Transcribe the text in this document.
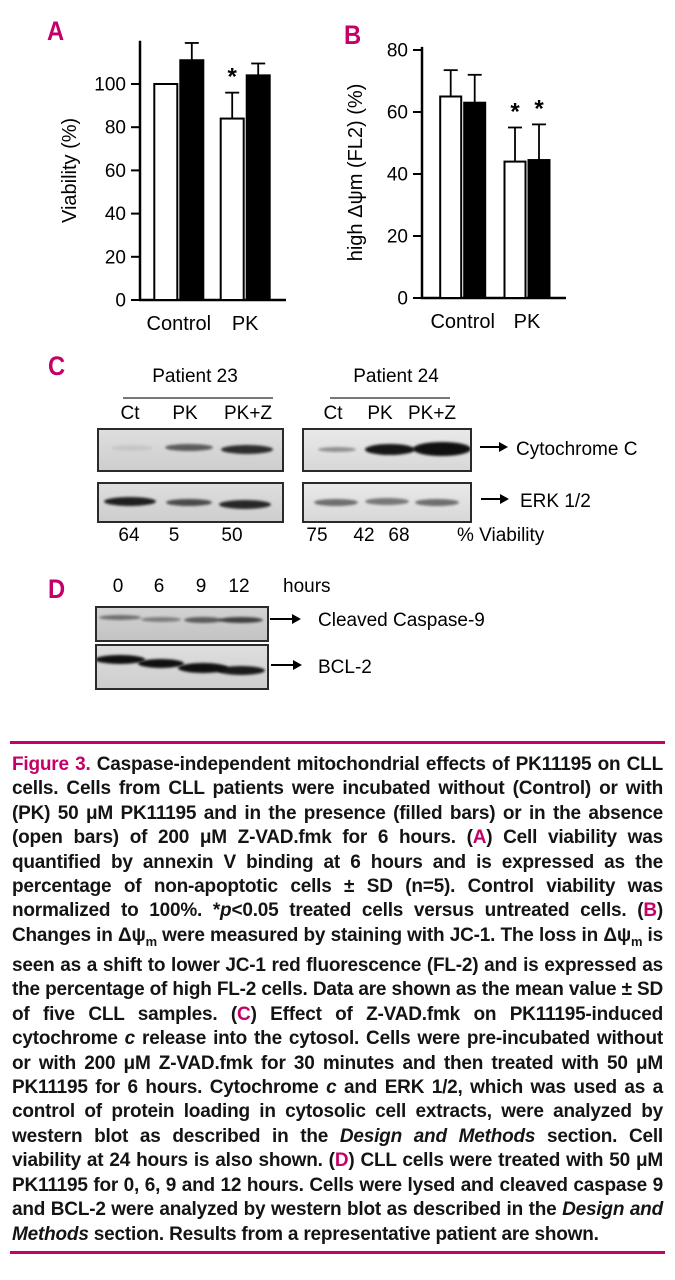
A
0
20
40
60
80
100
Viability (%)
Control
*
PK
B
0
20
40
60
80
high Δψm (FL2) (%)
Control
* *
PK
C	Patient 23	Patient 24
Ct PK PK+Z	Ct PK PK+Z
Cytochrome C
ERK 1/2
64 5 50	75 42 68 % Viability
D	0 6 9 12 hours
Cleaved Caspase-9
BCL-2
Figure 3. Caspase-independent mitochondrial effects of PK11195 on CLL cells. Cells from CLL patients were incubated without (Control) or with (PK) 50 μM PK11195 and in the presence (filled bars) or in the absence (open bars) of 200 μM Z-VAD.fmk for 6 hours. (A) Cell viability was quantified by annexin V binding at 6 hours and is expressed as the percentage of non-apoptotic cells ± SD (n=5). Control viability was normalized to 100%. *p<0.05 treated cells versus untreated cells. (B) Changes in $\Delta\psi_m$ were measured by staining with JC-1. The loss in $\Delta\psi_m$ is seen as a shift to lower JC-1 red fluorescence (FL-2) and is expressed as the percentage of high FL-2 cells. Data are shown as the mean value ± SD of five CLL samples. (C) Effect of Z-VAD.fmk on PK11195-induced cytochrome c release into the cytosol. Cells were pre-incubated without or with 200 μM Z-VAD.fmk for 30 minutes and then treated with 50 μM PK11195 for 6 hours. Cytochrome c and ERK 1/2, which was used as a control of protein loading in cytosolic cell extracts, were analyzed by western blot as described in the Design and Methods section. Cell viability at 24 hours is also shown. (D) CLL cells were treated with 50 μM PK11195 for 0, 6, 9 and 12 hours. Cells were lysed and cleaved caspase 9 and BCL-2 were analyzed by western blot as described in the Design and Methods section. Results from a representative patient are shown.
